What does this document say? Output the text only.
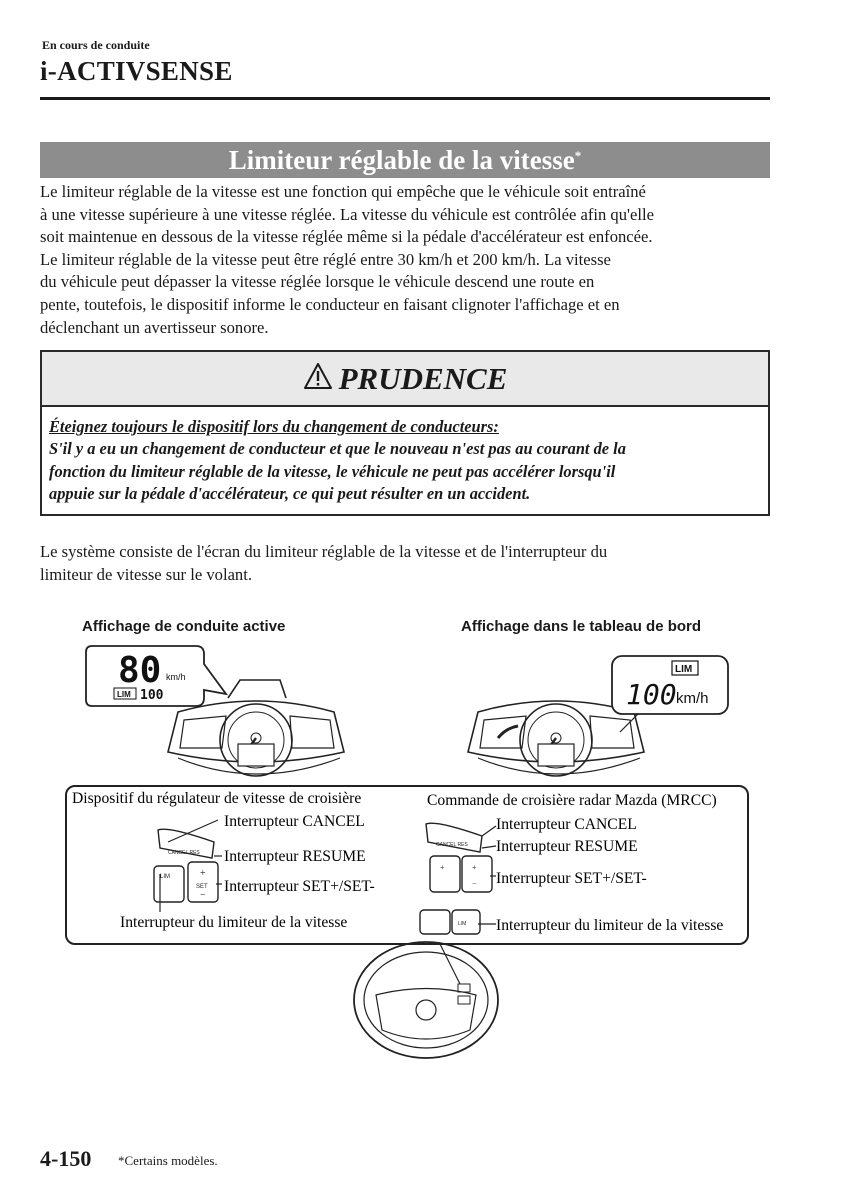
En cours de conduite
i-ACTIVSENSE
Limiteur réglable de la vitesse*

Le limiteur réglable de la vitesse est une fonction qui empêche que le véhicule soit entraîné

à une vitesse supérieure à une vitesse réglée. La vitesse du véhicule est contrôlée afin qu'elle

soit maintenue en dessous de la vitesse réglée même si la pédale d'accélérateur est enfoncée.

Le limiteur réglable de la vitesse peut être réglé entre 30 km/h et 200 km/h. La vitesse

du véhicule peut dépasser la vitesse réglée lorsque le véhicule descend une route en

pente, toutefois, le dispositif informe le conducteur en faisant clignoter l'affichage et en

déclenchant un avertisseur sonore.

PRUDENCE
Éteignez toujours le dispositif lors du changement de conducteurs:
S'il y a eu un changement de conducteur et que le nouveau n'est pas au courant de la
fonction du limiteur réglable de la vitesse, le véhicule ne peut pas accélérer lorsqu'il
appuie sur la pédale d'accélérateur, ce qui peut résulter en un accident.
Le système consiste de l'écran du limiteur réglable de la vitesse et de l'interrupteur du
limiteur de vitesse sur le volant.
Affichage de conduite active	Affichage dans le tableau de bord
80 km/h
LIM 100
LIM
100 km/h
CANCEL RES
LIM	+
SET
−
CANCEL RES
+	+
−
LIM
Dispositif du régulateur de vitesse de croisière
Interrupteur CANCEL
Interrupteur RESUME
Interrupteur SET+/SET-
Interrupteur du limiteur de la vitesse
Commande de croisière radar Mazda (MRCC)
Interrupteur CANCEL
Interrupteur RESUME
Interrupteur SET+/SET-
Interrupteur du limiteur de la vitesse
4-150 *Certains modèles.
